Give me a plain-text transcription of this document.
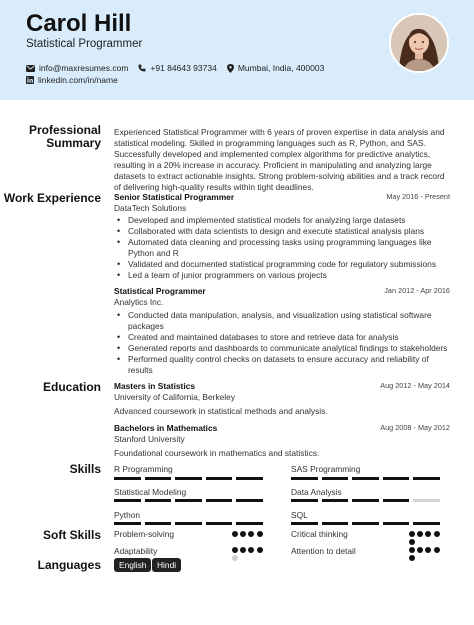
Carol Hill
Statistical Programmer
info@maxresumes.com	+91 84643 93734 Mumbai, India, 400003
linkedin.com/in/name
Professional Summary
Experienced Statistical Programmer with 6 years of proven expertise in data analysis and statistical modeling. Skilled in programming languages such as R, Python, and SAS. Successfully developed and implemented complex algorithms for predictive analytics, resulting in a 20% increase in accuracy. Proficient in manipulating and analyzing large datasets to extract actionable insights. Strong problem-solving abilities and a track record of delivering high-quality results within tight deadlines.
Work Experience Senior Statistical Programmer	May 2016 - Present
DataTech Solutions
• Developed and implemented statistical models for analyzing large datasets
• Collaborated with data scientists to design and execute statistical analysis plans
• Automated data cleaning and processing tasks using programming languages like Python and R
• Validated and documented statistical programming code for regulatory submissions
• Led a team of junior programmers on various projects
Statistical Programmer	Jan 2012 - Apr 2016
Analytics Inc.
• Conducted data manipulation, analysis, and visualization using statistical software packages
• Created and maintained databases to store and retrieve data for analysis
• Generated reports and dashboards to communicate analytical findings to stakeholders
• Performed quality control checks on datasets to ensure accuracy and reliability of results
Education Masters in Statistics	Aug 2012 - May 2014
University of California, Berkeley
Advanced coursework in statistical methods and analysis.
Bachelors in Mathematics	Aug 2008 - May 2012
Stanford University
Foundational coursework in mathematics and statistics.
Skills R Programming	SAS Programming
Statistical Modeling	Data Analysis
Python	SQL
Soft Skills Problem-solving	Critical thinking
Adaptability	Attention to detail
Languages	English	Hindi
